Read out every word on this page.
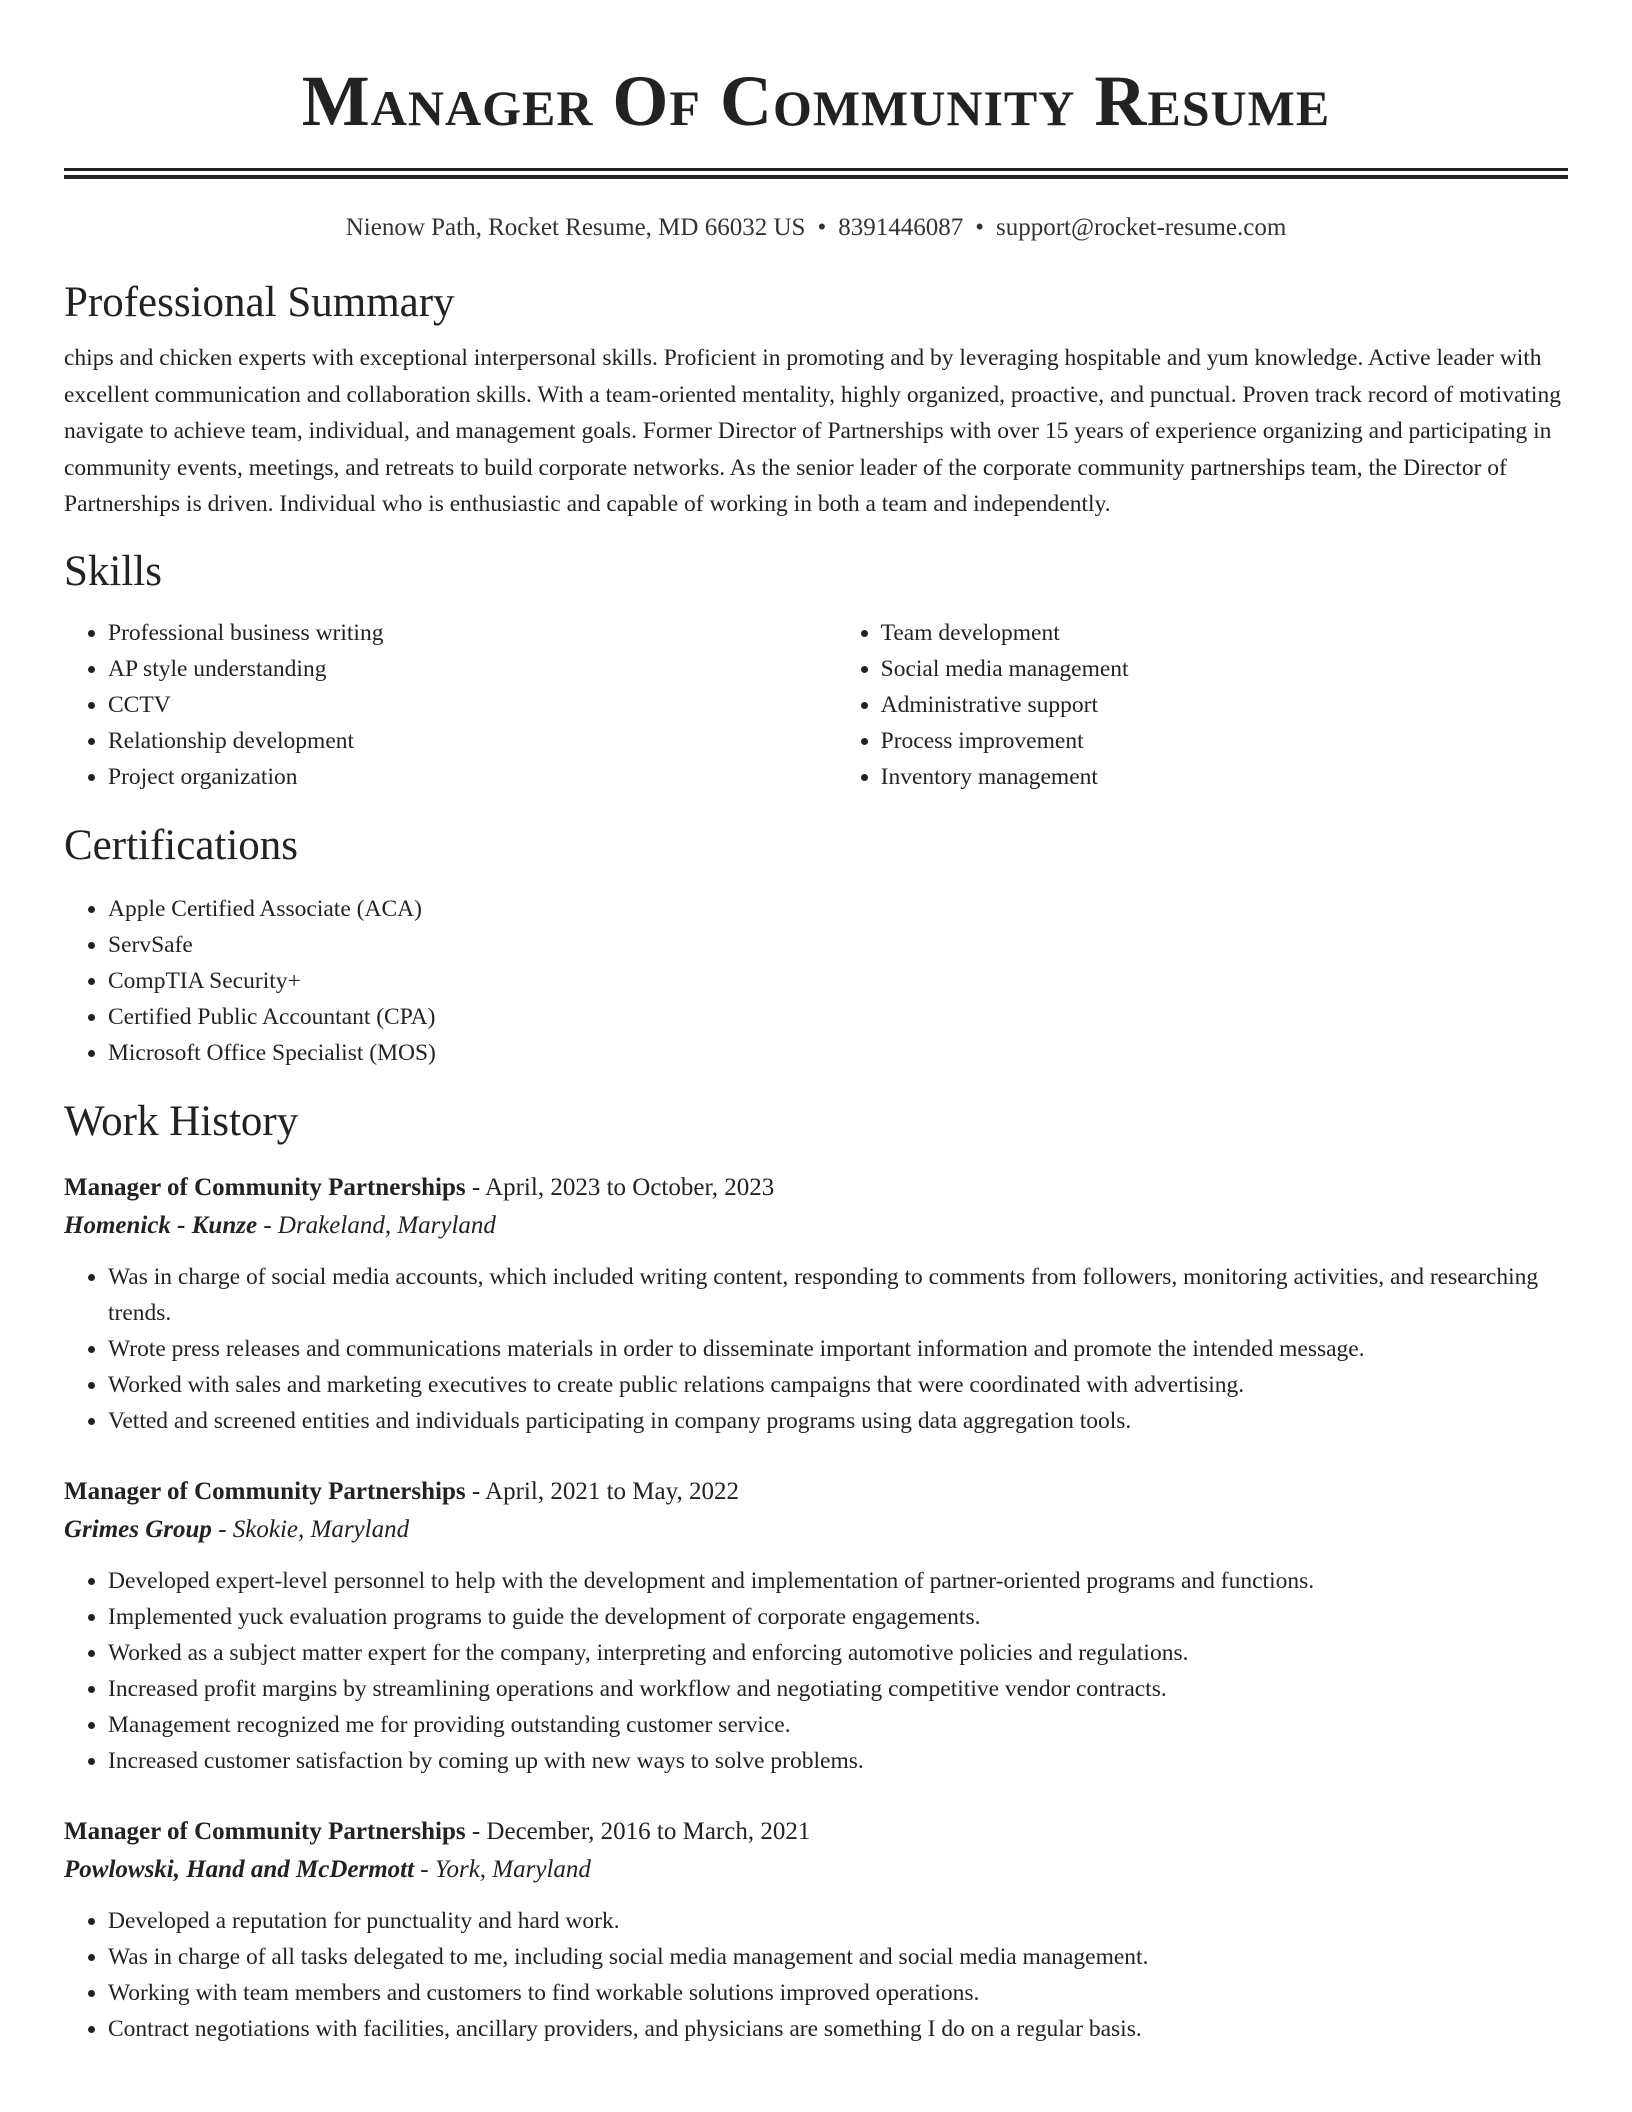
Manager Of Community Resume
Nienow Path, Rocket Resume, MD 66032 US • 8391446087 • support@rocket-resume.com
Professional Summary

chips and chicken experts with exceptional interpersonal skills. Proficient in promoting and by leveraging hospitable and yum knowledge. Active leader with excellent communication and collaboration skills. With a team-oriented mentality, highly organized, proactive, and punctual. Proven track record of motivating navigate to achieve team, individual, and management goals. Former Director of Partnerships with over 15 years of experience organizing and participating in community events, meetings, and retreats to build corporate networks. As the senior leader of the corporate community partnerships team, the Director of Partnerships is driven. Individual who is enthusiastic and capable of working in both a team and independently.

Skills
• Professional business writing
• AP style understanding
• CCTV
• Relationship development
• Project organization
• Team development
• Social media management
• Administrative support
• Process improvement
• Inventory management
Certifications
• Apple Certified Associate (ACA)
• ServSafe
• CompTIA Security+
• Certified Public Accountant (CPA)
• Microsoft Office Specialist (MOS)
Work History
Manager of Community Partnerships - April, 2023 to October, 2023
Homenick - Kunze - Drakeland, Maryland
• Was in charge of social media accounts, which included writing content, responding to comments from followers, monitoring activities, and researching trends.
• Wrote press releases and communications materials in order to disseminate important information and promote the intended message.
• Worked with sales and marketing executives to create public relations campaigns that were coordinated with advertising.
• Vetted and screened entities and individuals participating in company programs using data aggregation tools.
Manager of Community Partnerships - April, 2021 to May, 2022
Grimes Group - Skokie, Maryland
• Developed expert-level personnel to help with the development and implementation of partner-oriented programs and functions.
• Implemented yuck evaluation programs to guide the development of corporate engagements.
• Worked as a subject matter expert for the company, interpreting and enforcing automotive policies and regulations.
• Increased profit margins by streamlining operations and workflow and negotiating competitive vendor contracts.
• Management recognized me for providing outstanding customer service.
• Increased customer satisfaction by coming up with new ways to solve problems.
Manager of Community Partnerships - December, 2016 to March, 2021
Powlowski, Hand and McDermott - York, Maryland
• Developed a reputation for punctuality and hard work.
• Was in charge of all tasks delegated to me, including social media management and social media management.
• Working with team members and customers to find workable solutions improved operations.
• Contract negotiations with facilities, ancillary providers, and physicians are something I do on a regular basis.
